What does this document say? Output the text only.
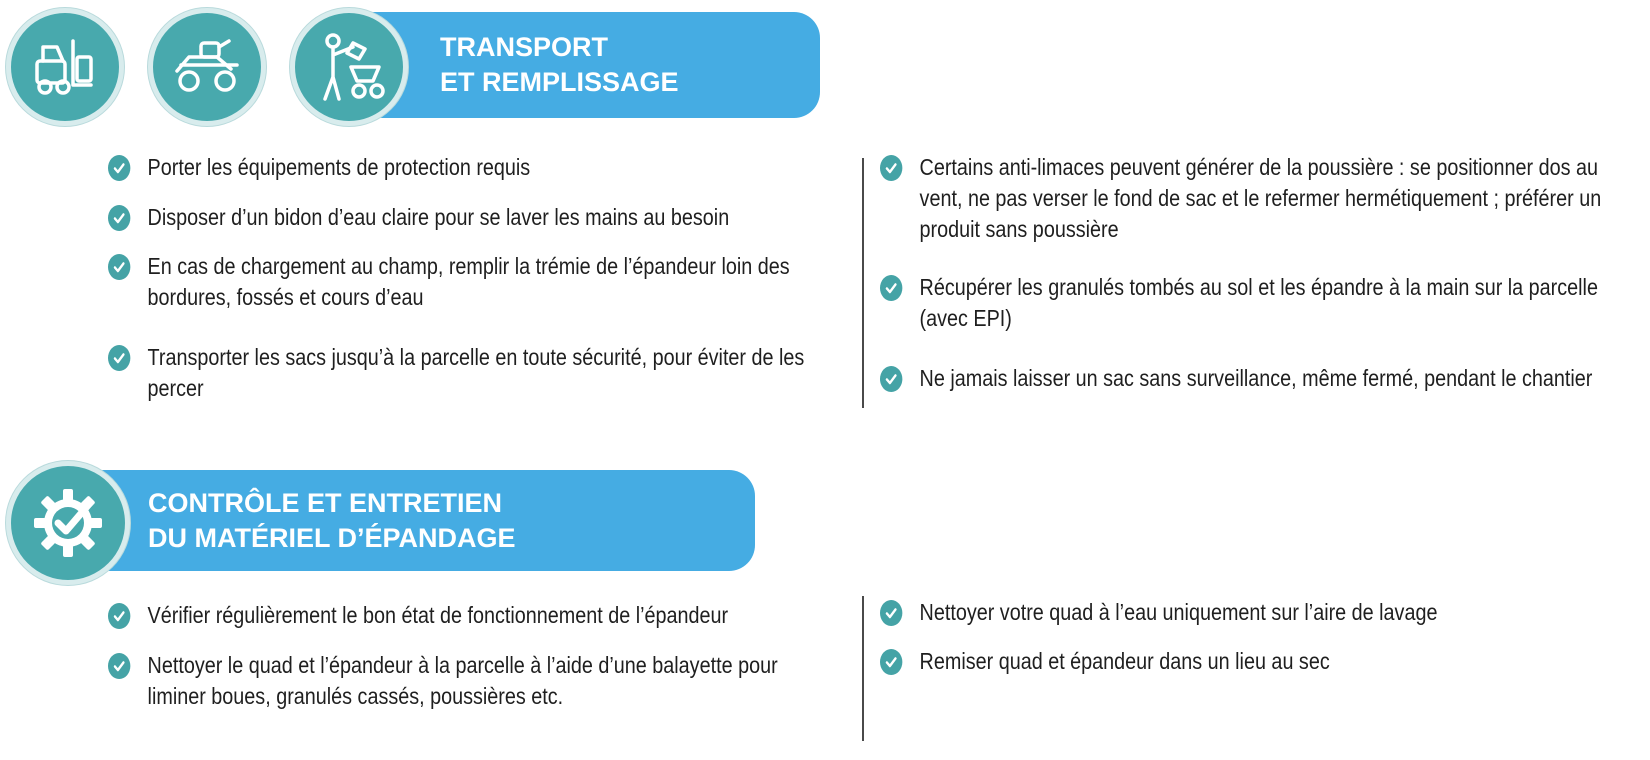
TRANSPORT
ET REMPLISSAGE
Porter les équipements de protection requis
Disposer d’un bidon d’eau claire pour se laver les mains au besoin
En cas de chargement au champ, remplir la trémie de l’épandeur loin des bordures, fossés et cours d’eau
Transporter les sacs jusqu’à la parcelle en toute sécurité, pour éviter de les percer
Certains anti-limaces peuvent générer de la poussière : se positionner dos au vent, ne pas verser le fond de sac et le refermer hermétiquement ; préférer un produit sans poussière
Récupérer les granulés tombés au sol et les épandre à la main sur la parcelle (avec EPI)
Ne jamais laisser un sac sans surveillance, même fermé, pendant le chantier
CONTRÔLE ET ENTRETIEN
DU MATÉRIEL D’ÉPANDAGE
Vérifier régulièrement le bon état de fonctionnement de l’épandeur
Nettoyer le quad et l’épandeur à la parcelle à l’aide d’une balayette pour liminer boues, granulés cassés, poussières etc.
Nettoyer votre quad à l’eau uniquement sur l’aire de lavage
Remiser quad et épandeur dans un lieu au sec
